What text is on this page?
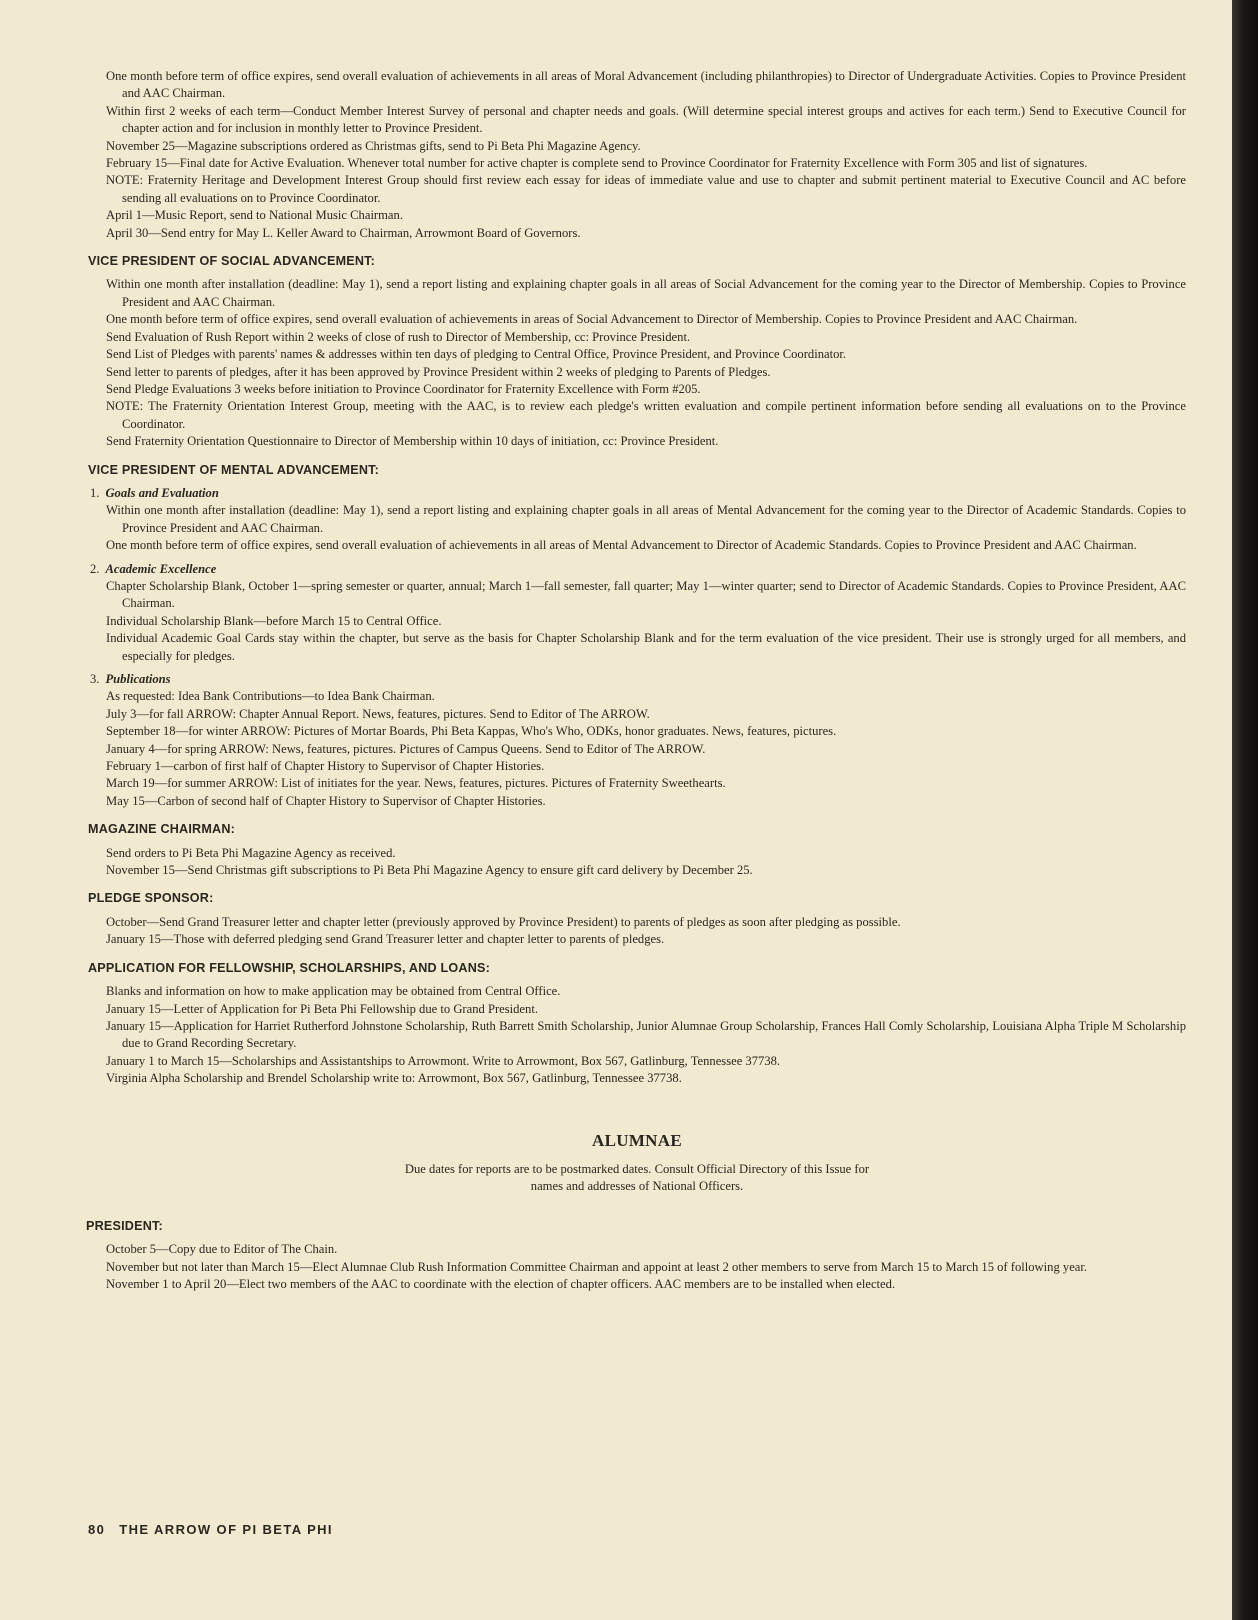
One month before term of office expires, send overall evaluation of achievements in all areas of Moral Advancement (including philanthropies) to Director of Undergraduate Activities. Copies to Province President and AAC Chairman.
Within first 2 weeks of each term—Conduct Member Interest Survey of personal and chapter needs and goals. (Will determine special interest groups and actives for each term.) Send to Executive Council for chapter action and for inclusion in monthly letter to Province President.
November 25—Magazine subscriptions ordered as Christmas gifts, send to Pi Beta Phi Magazine Agency.
February 15—Final date for Active Evaluation. Whenever total number for active chapter is complete send to Province Coordinator for Fraternity Excellence with Form 305 and list of signatures.
NOTE: Fraternity Heritage and Development Interest Group should first review each essay for ideas of immediate value and use to chapter and submit pertinent material to Executive Council and AC before sending all evaluations on to Province Coordinator.
April 1—Music Report, send to National Music Chairman.
April 30—Send entry for May L. Keller Award to Chairman, Arrowmont Board of Governors.
VICE PRESIDENT OF SOCIAL ADVANCEMENT:
Within one month after installation (deadline: May 1), send a report listing and explaining chapter goals in all areas of Social Advancement for the coming year to the Director of Membership. Copies to Province President and AAC Chairman.
One month before term of office expires, send overall evaluation of achievements in areas of Social Advancement to Director of Membership. Copies to Province President and AAC Chairman.
Send Evaluation of Rush Report within 2 weeks of close of rush to Director of Membership, cc: Province President.
Send List of Pledges with parents' names & addresses within ten days of pledging to Central Office, Province President, and Province Coordinator.
Send letter to parents of pledges, after it has been approved by Province President within 2 weeks of pledging to Parents of Pledges.
Send Pledge Evaluations 3 weeks before initiation to Province Coordinator for Fraternity Excellence with Form #205.
NOTE: The Fraternity Orientation Interest Group, meeting with the AAC, is to review each pledge's written evaluation and compile pertinent information before sending all evaluations on to the Province Coordinator.
Send Fraternity Orientation Questionnaire to Director of Membership within 10 days of initiation, cc: Province President.
VICE PRESIDENT OF MENTAL ADVANCEMENT:
1. Goals and Evaluation
Within one month after installation (deadline: May 1), send a report listing and explaining chapter goals in all areas of Mental Advancement for the coming year to the Director of Academic Standards. Copies to Province President and AAC Chairman.
One month before term of office expires, send overall evaluation of achievements in all areas of Mental Advancement to Director of Academic Standards. Copies to Province President and AAC Chairman.
2. Academic Excellence
Chapter Scholarship Blank, October 1—spring semester or quarter, annual; March 1—fall semester, fall quarter; May 1—winter quarter; send to Director of Academic Standards. Copies to Province President, AAC Chairman.
Individual Scholarship Blank—before March 15 to Central Office.
Individual Academic Goal Cards stay within the chapter, but serve as the basis for Chapter Scholarship Blank and for the term evaluation of the vice president. Their use is strongly urged for all members, and especially for pledges.
3. Publications
As requested: Idea Bank Contributions—to Idea Bank Chairman.
July 3—for fall ARROW: Chapter Annual Report. News, features, pictures. Send to Editor of The ARROW.
September 18—for winter ARROW: Pictures of Mortar Boards, Phi Beta Kappas, Who's Who, ODKs, honor graduates. News, features, pictures.
January 4—for spring ARROW: News, features, pictures. Pictures of Campus Queens. Send to Editor of The ARROW.
February 1—carbon of first half of Chapter History to Supervisor of Chapter Histories.
March 19—for summer ARROW: List of initiates for the year. News, features, pictures. Pictures of Fraternity Sweethearts.
May 15—Carbon of second half of Chapter History to Supervisor of Chapter Histories.
MAGAZINE CHAIRMAN:
Send orders to Pi Beta Phi Magazine Agency as received.
November 15—Send Christmas gift subscriptions to Pi Beta Phi Magazine Agency to ensure gift card delivery by December 25.
PLEDGE SPONSOR:
October—Send Grand Treasurer letter and chapter letter (previously approved by Province President) to parents of pledges as soon after pledging as possible.
January 15—Those with deferred pledging send Grand Treasurer letter and chapter letter to parents of pledges.
APPLICATION FOR FELLOWSHIP, SCHOLARSHIPS, AND LOANS:
Blanks and information on how to make application may be obtained from Central Office.
January 15—Letter of Application for Pi Beta Phi Fellowship due to Grand President.
January 15—Application for Harriet Rutherford Johnstone Scholarship, Ruth Barrett Smith Scholarship, Junior Alumnae Group Scholarship, Frances Hall Comly Scholarship, Louisiana Alpha Triple M Scholarship due to Grand Recording Secretary.
January 1 to March 15—Scholarships and Assistantships to Arrowmont. Write to Arrowmont, Box 567, Gatlinburg, Tennessee 37738.
Virginia Alpha Scholarship and Brendel Scholarship write to: Arrowmont, Box 567, Gatlinburg, Tennessee 37738.
ALUMNAE
Due dates for reports are to be postmarked dates. Consult Official Directory of this Issue for
names and addresses of National Officers.
PRESIDENT:
October 5—Copy due to Editor of The Chain.
November but not later than March 15—Elect Alumnae Club Rush Information Committee Chairman and appoint at least 2 other members to serve from March 15 to March 15 of following year.
November 1 to April 20—Elect two members of the AAC to coordinate with the election of chapter officers. AAC members are to be installed when elected.
80 THE ARROW OF PI BETA PHI
